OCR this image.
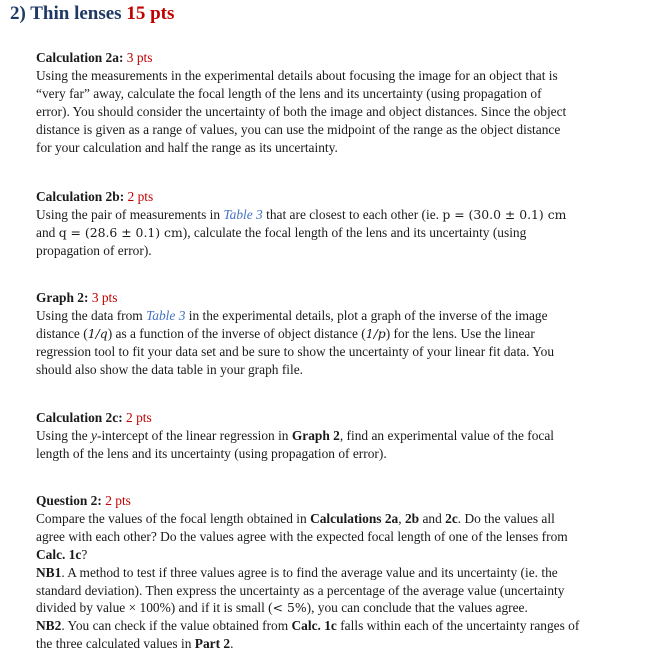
2) Thin lenses 15 pts
Calculation 2a: 3 pts
Using the measurements in the experimental details about focusing the image for an object that is
“very far” away, calculate the focal length of the lens and its uncertainty (using propagation of
error). You should consider the uncertainty of both the image and object distances. Since the object
distance is given as a range of values, you can use the midpoint of the range as the object distance
for your calculation and half the range as its uncertainty.
Calculation 2b: 2 pts
Using the pair of measurements in Table 3 that are closest to each other (ie. p = (30.0 ± 0.1) cm
and q = (28.6 ± 0.1) cm), calculate the focal length of the lens and its uncertainty (using
propagation of error).
Graph 2: 3 pts
Using the data from Table 3 in the experimental details, plot a graph of the inverse of the image
distance (1/q) as a function of the inverse of object distance (1/p) for the lens. Use the linear
regression tool to fit your data set and be sure to show the uncertainty of your linear fit data. You
should also show the data table in your graph file.
Calculation 2c: 2 pts
Using the y-intercept of the linear regression in Graph 2, find an experimental value of the focal
length of the lens and its uncertainty (using propagation of error).
Question 2: 2 pts
Compare the values of the focal length obtained in Calculations 2a, 2b and 2c. Do the values all
agree with each other? Do the values agree with the expected focal length of one of the lenses from
Calc. 1c?
NB1. A method to test if three values agree is to find the average value and its uncertainty (ie. the
standard deviation). Then express the uncertainty as a percentage of the average value (uncertainty
divided by value × 100%) and if it is small (< 5%), you can conclude that the values agree.
NB2. You can check if the value obtained from Calc. 1c falls within each of the uncertainty ranges of
the three calculated values in Part 2.
